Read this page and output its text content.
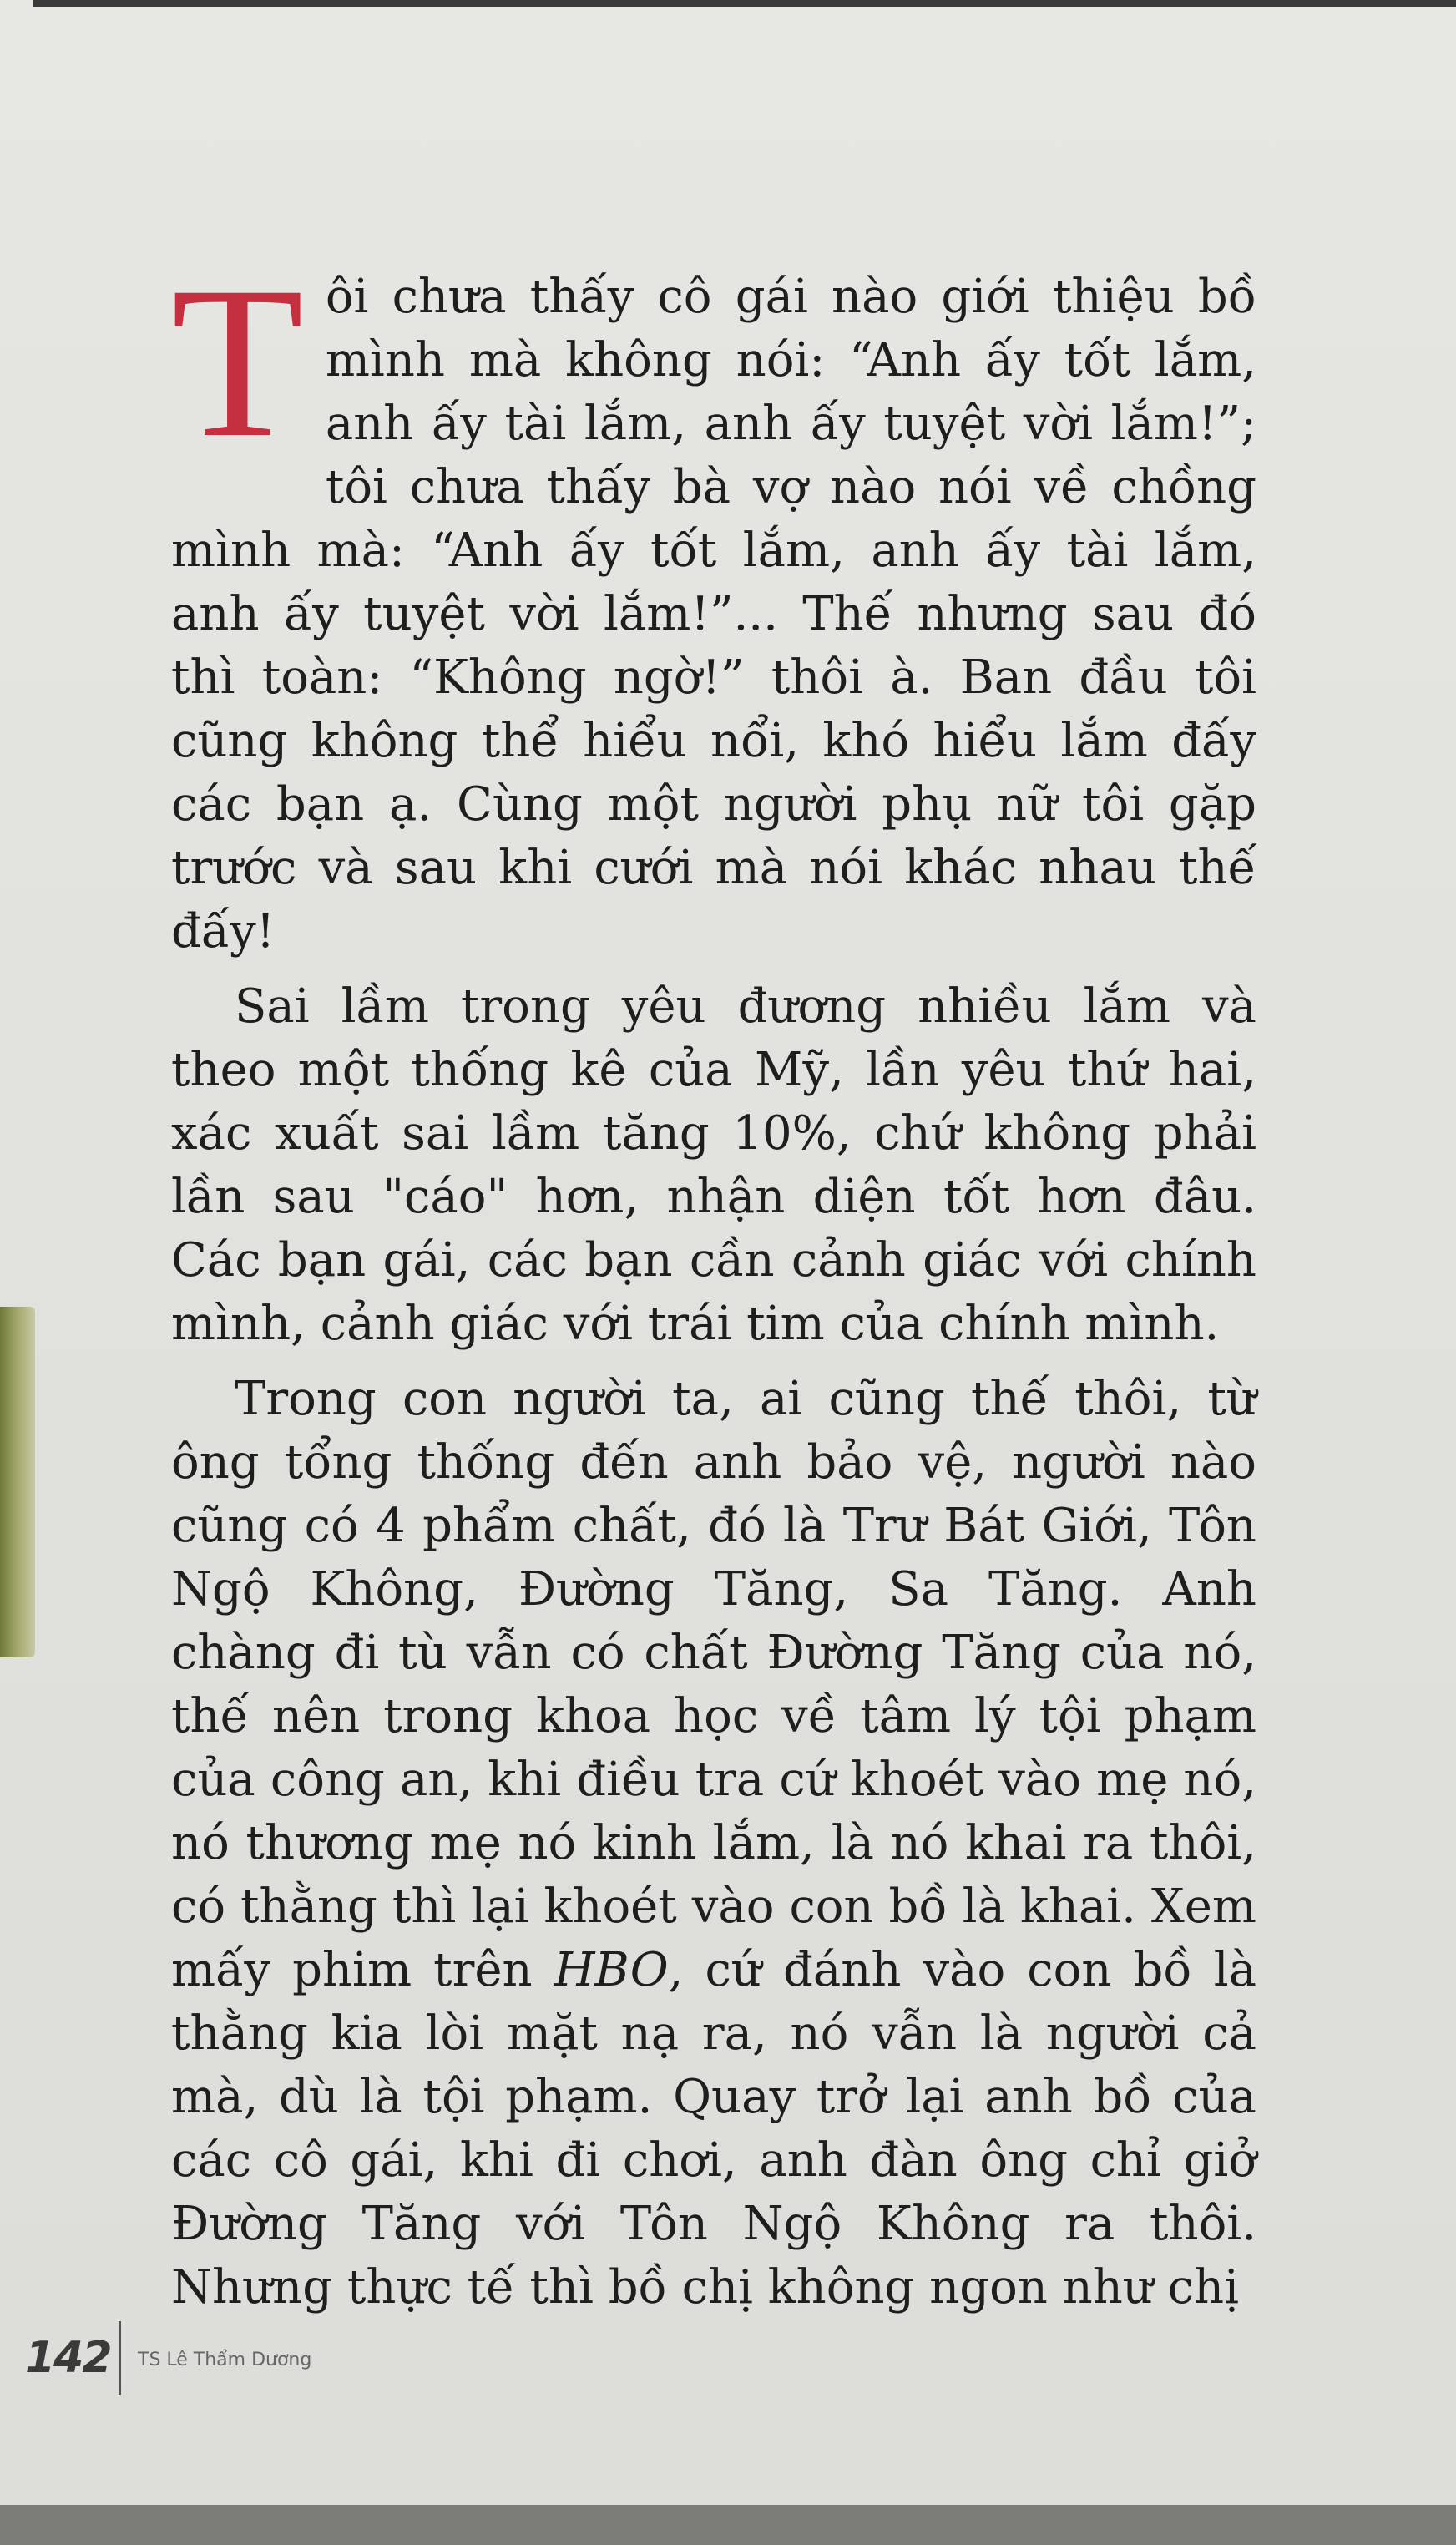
Tôi chưa thấy cô gái nào giới thiệu bồ mình mà không nói: “Anh ấy tốt lắm, anh ấy tài lắm, anh ấy tuyệt vời lắm!”; tôi chưa thấy bà vợ nào nói về chồng mình mà: “Anh ấy tốt lắm, anh ấy tài lắm, anh ấy tuyệt vời lắm!”... Thế nhưng sau đó thì toàn: “Không ngờ!” thôi à. Ban đầu tôi cũng không thể hiểu nổi, khó hiểu lắm đấy các bạn ạ. Cùng một người phụ nữ tôi gặp trước và sau khi cưới mà nói khác nhau thế đấy!

Sai lầm trong yêu đương nhiều lắm và theo một thống kê của Mỹ, lần yêu thứ hai, xác xuất sai lầm tăng 10%, chứ không phải lần sau "cáo" hơn, nhận diện tốt hơn đâu. Các bạn gái, các bạn cần cảnh giác với chính mình, cảnh giác với trái tim của chính mình.

Trong con người ta, ai cũng thế thôi, từ ông tổng thống đến anh bảo vệ, người nào cũng có 4 phẩm chất, đó là Trư Bát Giới, Tôn Ngộ Không, Đường Tăng, Sa Tăng. Anh chàng đi tù vẫn có chất Đường Tăng của nó, thế nên trong khoa học về tâm lý tội phạm của công an, khi điều tra cứ khoét vào mẹ nó, nó thương mẹ nó kinh lắm, là nó khai ra thôi, có thằng thì lại khoét vào con bồ là khai. Xem mấy phim trên HBO, cứ đánh vào con bồ là thằng kia lòi mặt nạ ra, nó vẫn là người cả mà, dù là tội phạm. Quay trở lại anh bồ của các cô gái, khi đi chơi, anh đàn ông chỉ giở Đường Tăng với Tôn Ngộ Không ra thôi. Nhưng thực tế thì bồ chị không ngon như chị

142 TS Lê Thẩm Dương
